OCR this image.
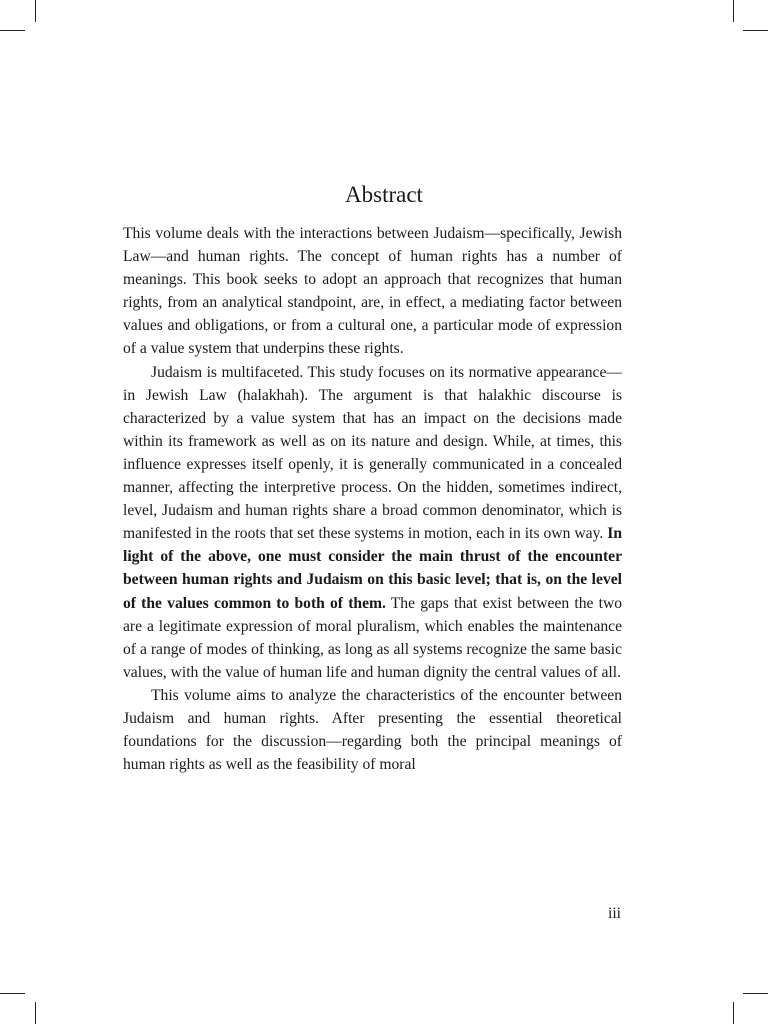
Abstract

This volume deals with the interactions between Judaism—specifically, Jewish Law—and human rights. The concept of human rights has a number of meanings. This book seeks to adopt an approach that recognizes that human rights, from an analytical standpoint, are, in effect, a mediating factor between values and obligations, or from a cultural one, a particular mode of expression of a value system that underpins these rights.

Judaism is multifaceted. This study focuses on its normative appearance—in Jewish Law (halakhah). The argument is that halakhic discourse is characterized by a value system that has an impact on the decisions made within its framework as well as on its nature and design. While, at times, this influence expresses itself openly, it is generally communicated in a concealed manner, affecting the interpretive process. On the hidden, sometimes indirect, level, Judaism and human rights share a broad common denominator, which is manifested in the roots that set these systems in motion, each in its own way. In light of the above, one must consider the main thrust of the encounter between human rights and Judaism on this basic level; that is, on the level of the values common to both of them. The gaps that exist between the two are a legitimate expression of moral pluralism, which enables the maintenance of a range of modes of thinking, as long as all systems recognize the same basic values, with the value of human life and human dignity the central values of all.

This volume aims to analyze the characteristics of the encounter between Judaism and human rights. After presenting the essential theoretical foundations for the discussion—regarding both the principal meanings of human rights as well as the feasibility of moral

iii
